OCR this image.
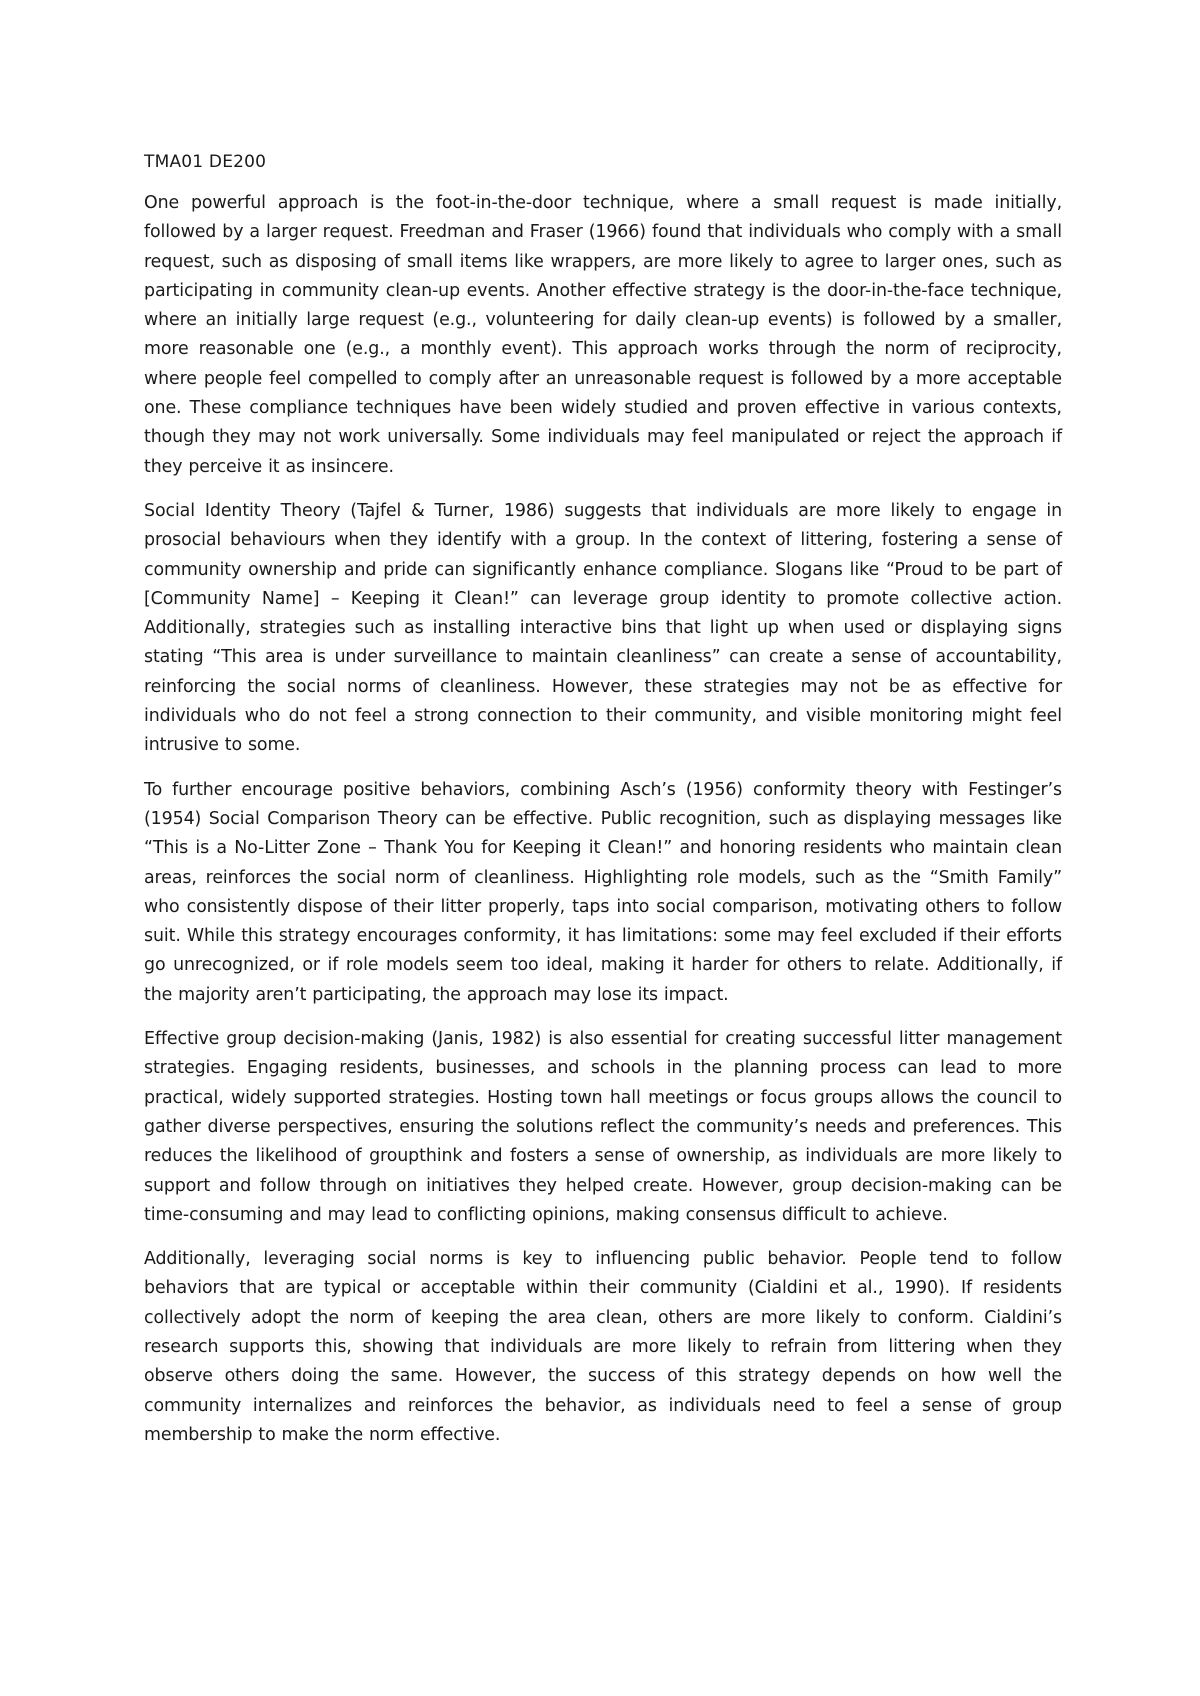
TMA01 DE200

One powerful approach is the foot-in-the-door technique, where a small request is made initially, followed by a larger request. Freedman and Fraser (1966) found that individuals who comply with a small request, such as disposing of small items like wrappers, are more likely to agree to larger ones, such as participating in community clean-up events. Another effective strategy is the door-in-the-face technique, where an initially large request (e.g., volunteering for daily clean-up events) is followed by a smaller, more reasonable one (e.g., a monthly event). This approach works through the norm of reciprocity, where people feel compelled to comply after an unreasonable request is followed by a more acceptable one. These compliance techniques have been widely studied and proven effective in various contexts, though they may not work universally. Some individuals may feel manipulated or reject the approach if they perceive it as insincere.

Social Identity Theory (Tajfel & Turner, 1986) suggests that individuals are more likely to engage in prosocial behaviours when they identify with a group. In the context of littering, fostering a sense of community ownership and pride can significantly enhance compliance. Slogans like “Proud to be part of [Community Name] – Keeping it Clean!” can leverage group identity to promote collective action. Additionally, strategies such as installing interactive bins that light up when used or displaying signs stating “This area is under surveillance to maintain cleanliness” can create a sense of accountability, reinforcing the social norms of cleanliness. However, these strategies may not be as effective for individuals who do not feel a strong connection to their community, and visible monitoring might feel intrusive to some.

To further encourage positive behaviors, combining Asch’s (1956) conformity theory with Festinger’s (1954) Social Comparison Theory can be effective. Public recognition, such as displaying messages like “This is a No-Litter Zone – Thank You for Keeping it Clean!” and honoring residents who maintain clean areas, reinforces the social norm of cleanliness. Highlighting role models, such as the “Smith Family” who consistently dispose of their litter properly, taps into social comparison, motivating others to follow suit. While this strategy encourages conformity, it has limitations: some may feel excluded if their efforts go unrecognized, or if role models seem too ideal, making it harder for others to relate. Additionally, if the majority aren’t participating, the approach may lose its impact.

Effective group decision-making (Janis, 1982) is also essential for creating successful litter management strategies. Engaging residents, businesses, and schools in the planning process can lead to more practical, widely supported strategies. Hosting town hall meetings or focus groups allows the council to gather diverse perspectives, ensuring the solutions reflect the community’s needs and preferences. This reduces the likelihood of groupthink and fosters a sense of ownership, as individuals are more likely to support and follow through on initiatives they helped create. However, group decision-making can be time-consuming and may lead to conflicting opinions, making consensus difficult to achieve.

Additionally, leveraging social norms is key to influencing public behavior. People tend to follow behaviors that are typical or acceptable within their community (Cialdini et al., 1990). If residents collectively adopt the norm of keeping the area clean, others are more likely to conform. Cialdini’s research supports this, showing that individuals are more likely to refrain from littering when they observe others doing the same. However, the success of this strategy depends on how well the community internalizes and reinforces the behavior, as individuals need to feel a sense of group membership to make the norm effective.
